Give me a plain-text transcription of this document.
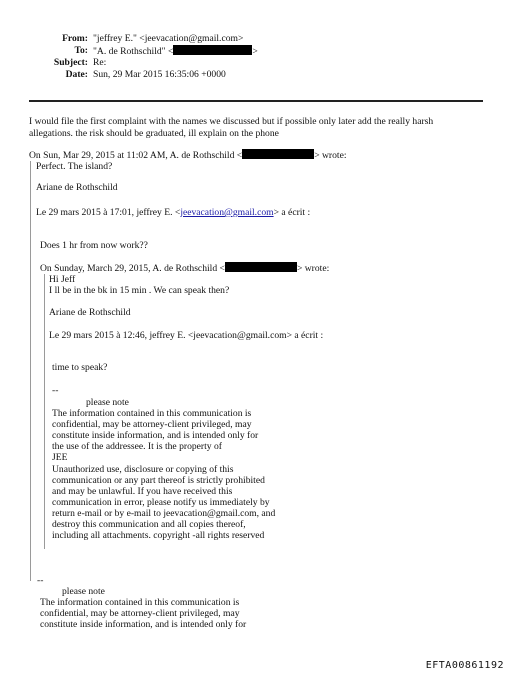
From: "jeffrey E." <jeevacation@gmail.com>
To: "A. de Rothschild" <	>
Subject: Re:
Date: Sun, 29 Mar 2015 16:35:06 +0000
I would file the first complaint with the names we discussed but if possible only later add the really harsh
allegations. the risk should be graduated, ill explain on the phone
On Sun, Mar 29, 2015 at 11:02 AM, A. de Rothschild <	> wrote:
Perfect. The island?
Ariane de Rothschild
Le 29 mars 2015 à 17:01, jeffrey E. <jeevacation@gmail.com> a écrit :
Does 1 hr from now work??
On Sunday, March 29, 2015, A. de Rothschild <	> wrote:
Hi Jeff
I ll be in the bk in 15 min . We can speak then?
Ariane de Rothschild
Le 29 mars 2015 à 12:46, jeffrey E. <jeevacation@gmail.com> a écrit :
time to speak?
--
please note
The information contained in this communication is
confidential, may be attorney-client privileged, may
constitute inside information, and is intended only for
the use of the addressee. It is the property of
JEE
Unauthorized use, disclosure or copying of this
communication or any part thereof is strictly prohibited
and may be unlawful. If you have received this
communication in error, please notify us immediately by
return e-mail or by e-mail to jeevacation@gmail.com, and
destroy this communication and all copies thereof,
including all attachments. copyright -all rights reserved
--
please note
The information contained in this communication is
confidential, may be attorney-client privileged, may
constitute inside information, and is intended only for
EFTA00861192
